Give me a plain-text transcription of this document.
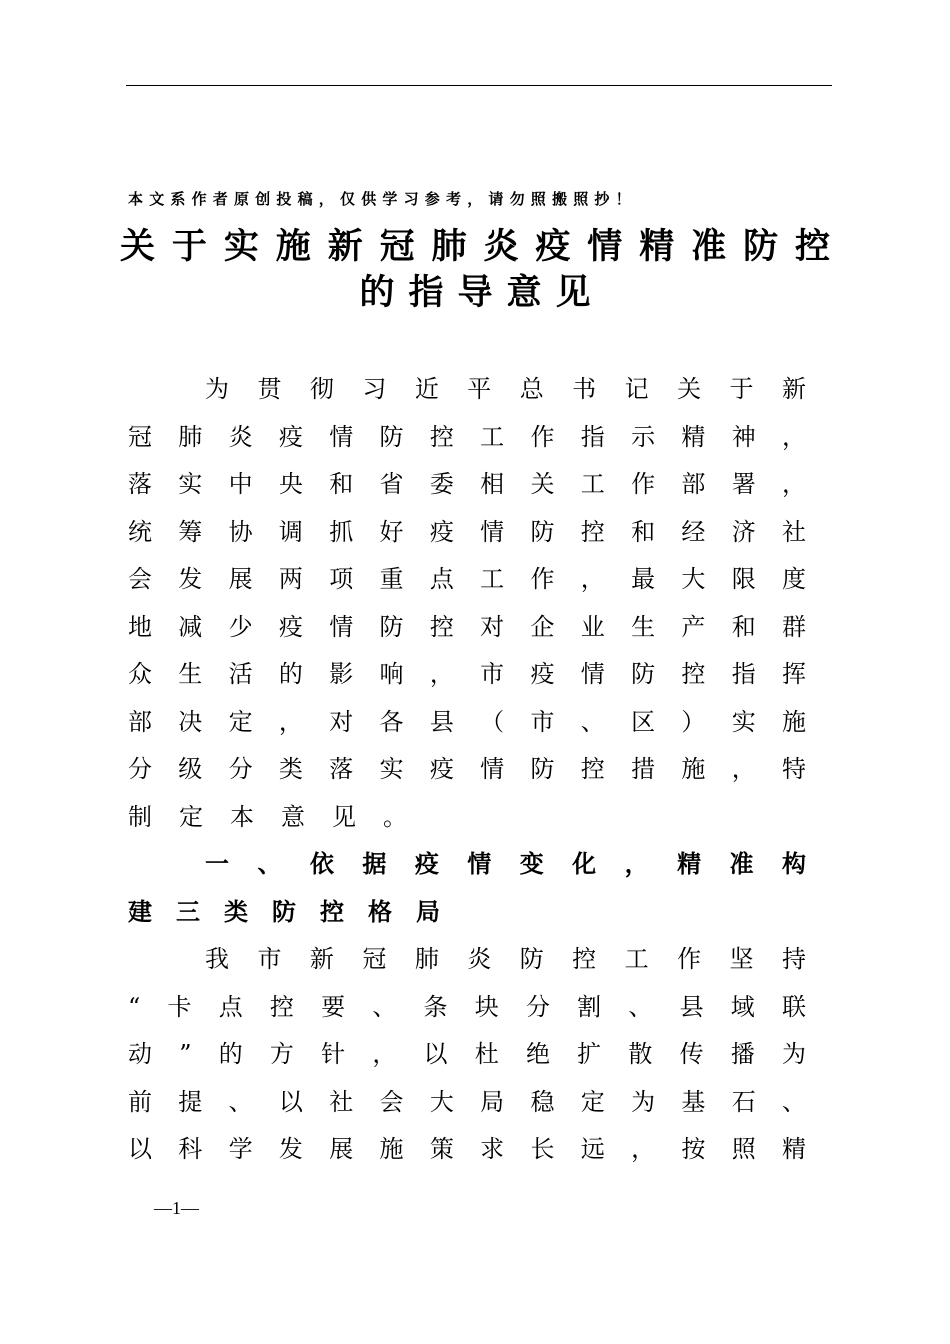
本文系作者原创投稿，仅供学习参考，请勿照搬照抄！
关于实施新冠肺炎疫情精准防控
的指导意见
为贯彻习近平总书记关于新
冠肺炎疫情防控工作指示精神，
落实中央和省委相关工作部署，
统筹协调抓好疫情防控和经济社
会发展两项重点工作，最大限度
地减少疫情防控对企业生产和群
众生活的影响，市疫情防控指挥
部决定，对各县（市、区）实施
分级分类落实疫情防控措施，特
制定本意见。
一、依据疫情变化，精准构
建三类防控格局
我市新冠肺炎防控工作坚持
“卡点控要、条块分割、县域联
动”的方针，以杜绝扩散传播为
前提、以社会大局稳定为基石、
以科学发展施策求长远，按照精
—1—
